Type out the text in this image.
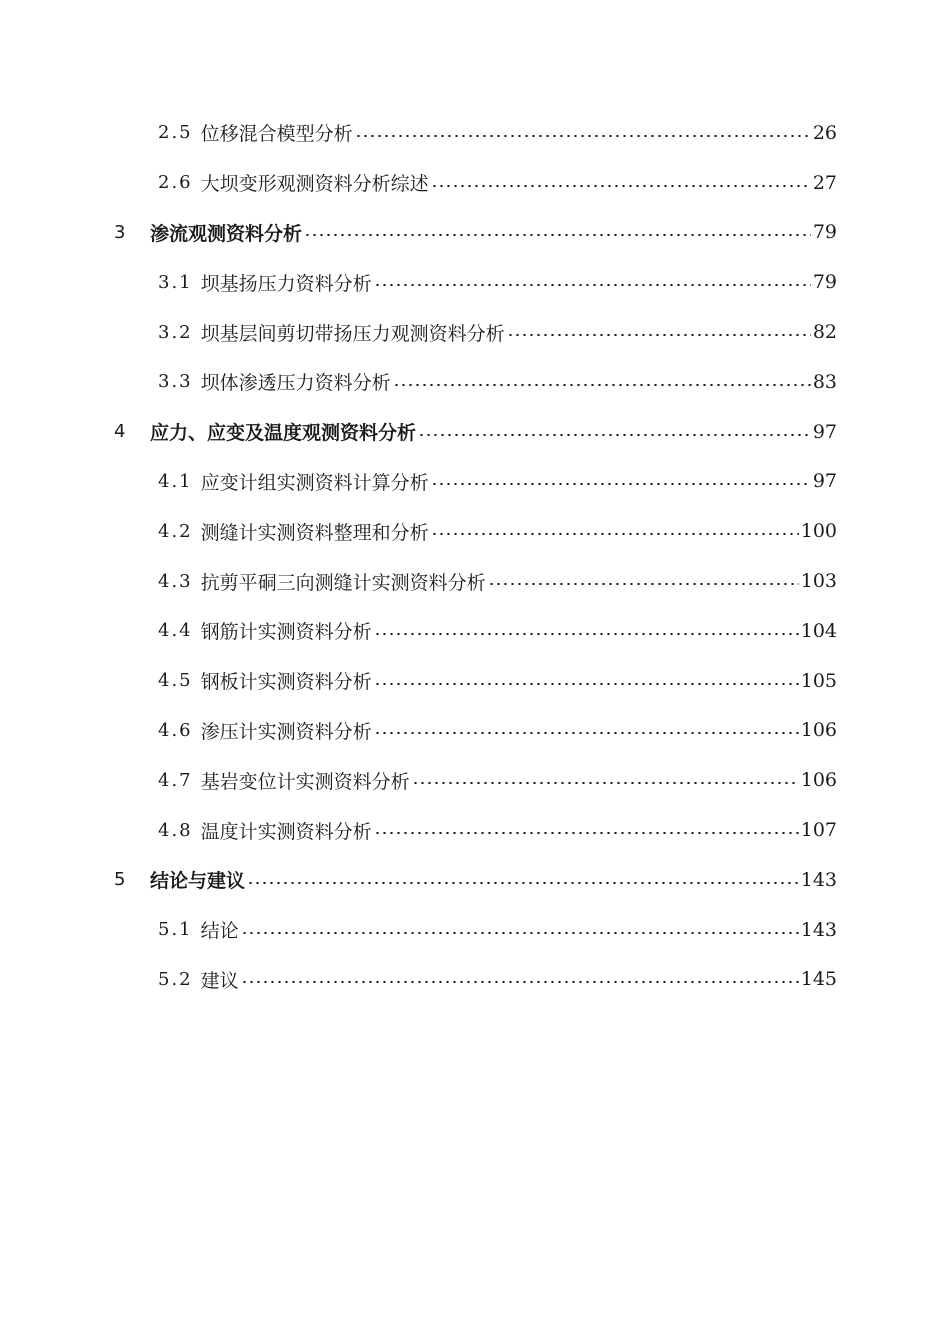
2.5 位移混合模型分析	26
2.6 大坝变形观测资料分析综述	27
3	渗流观测资料分析	79
3.1 坝基扬压力资料分析	79
3.2 坝基层间剪切带扬压力观测资料分析	82
3.3 坝体渗透压力资料分析	83
4	应力、应变及温度观测资料分析	97
4.1 应变计组实测资料计算分析	97
4.2 测缝计实测资料整理和分析	100
4.3 抗剪平硐三向测缝计实测资料分析	103
4.4 钢筋计实测资料分析	104
4.5 钢板计实测资料分析	105
4.6 渗压计实测资料分析	106
4.7 基岩变位计实测资料分析	106
4.8 温度计实测资料分析	107
5	结论与建议	143
5.1 结论	143
5.2 建议	145
